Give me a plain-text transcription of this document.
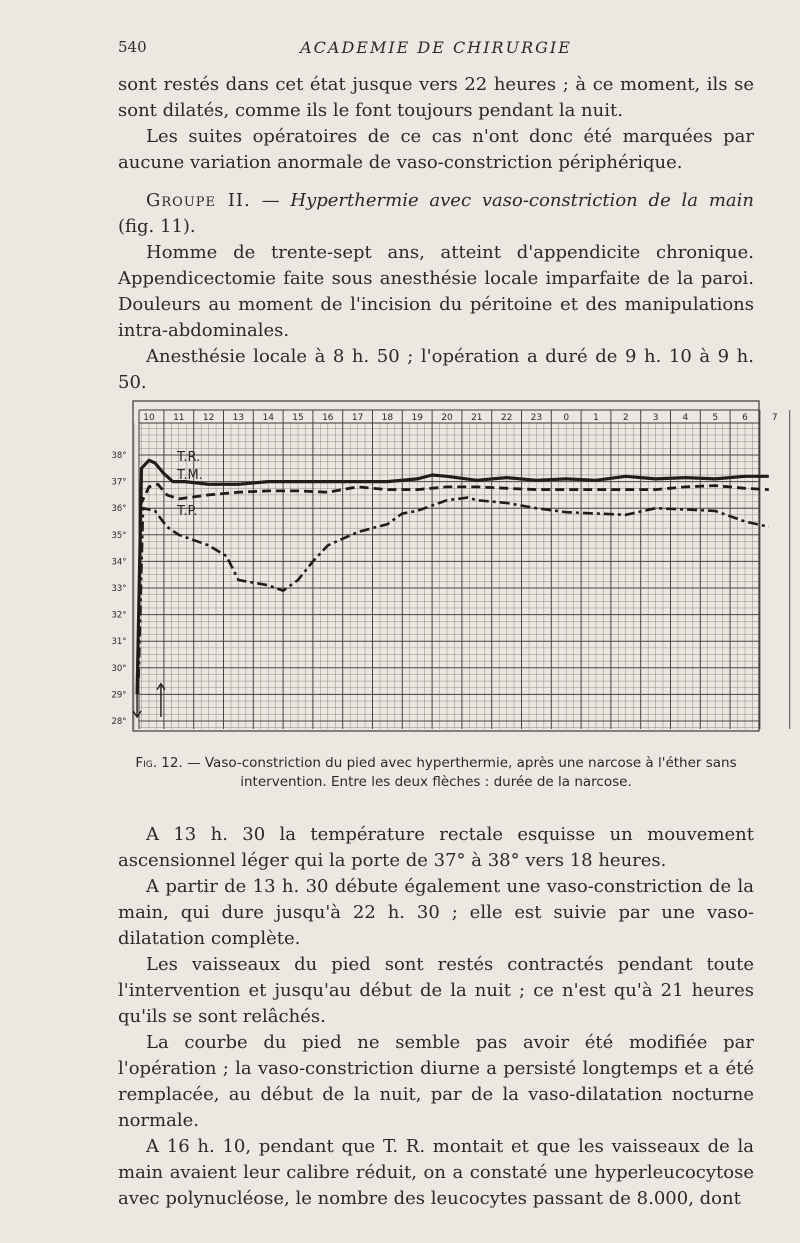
540	ACADEMIE DE CHIRURGIE

sont restés dans cet état jusque vers 22 heures ; à ce moment, ils se sont dilatés, comme ils le font toujours pendant la nuit.

Les suites opératoires de ce cas n'ont donc été marquées par aucune variation anormale de vaso-constriction périphérique.

Groupe II. — Hyperthermie avec vaso-constriction de la main (fig. 11).

Homme de trente-sept ans, atteint d'appendicite chronique. Appendicectomie faite sous anesthésie locale imparfaite de la paroi. Douleurs au moment de l'incision du péritoine et des manipulations intra-abdominales.

Anesthésie locale à 8 h. 50 ; l'opération a duré de 9 h. 10 à 9 h. 50.

10 11 12 13 14 15 16 17 18 19 20 21 22 23 0	1	2	3	4	5	6	7
38°
37°
36°
35°
34°
33°
32°
31°
30°
29°
28°
T.R.
T.M.
T.P.
Fig. 12. — Vaso-constriction du pied avec hyperthermie, après une narcose à l'éther sans intervention. Entre les deux flèches : durée de la narcose.

A 13 h. 30 la température rectale esquisse un mouvement ascensionnel léger qui la porte de 37° à 38° vers 18 heures.

A partir de 13 h. 30 débute également une vaso-constriction de la main, qui dure jusqu'à 22 h. 30 ; elle est suivie par une vaso-dilatation complète.

Les vaisseaux du pied sont restés contractés pendant toute l'intervention et jusqu'au début de la nuit ; ce n'est qu'à 21 heures qu'ils se sont relâchés.

La courbe du pied ne semble pas avoir été modifiée par l'opération ; la vaso-constriction diurne a persisté longtemps et a été remplacée, au début de la nuit, par de la vaso-dilatation nocturne normale.

A 16 h. 10, pendant que T. R. montait et que les vaisseaux de la main avaient leur calibre réduit, on a constaté une hyperleucocytose avec polynucléose, le nombre des leucocytes passant de 8.000, dont
